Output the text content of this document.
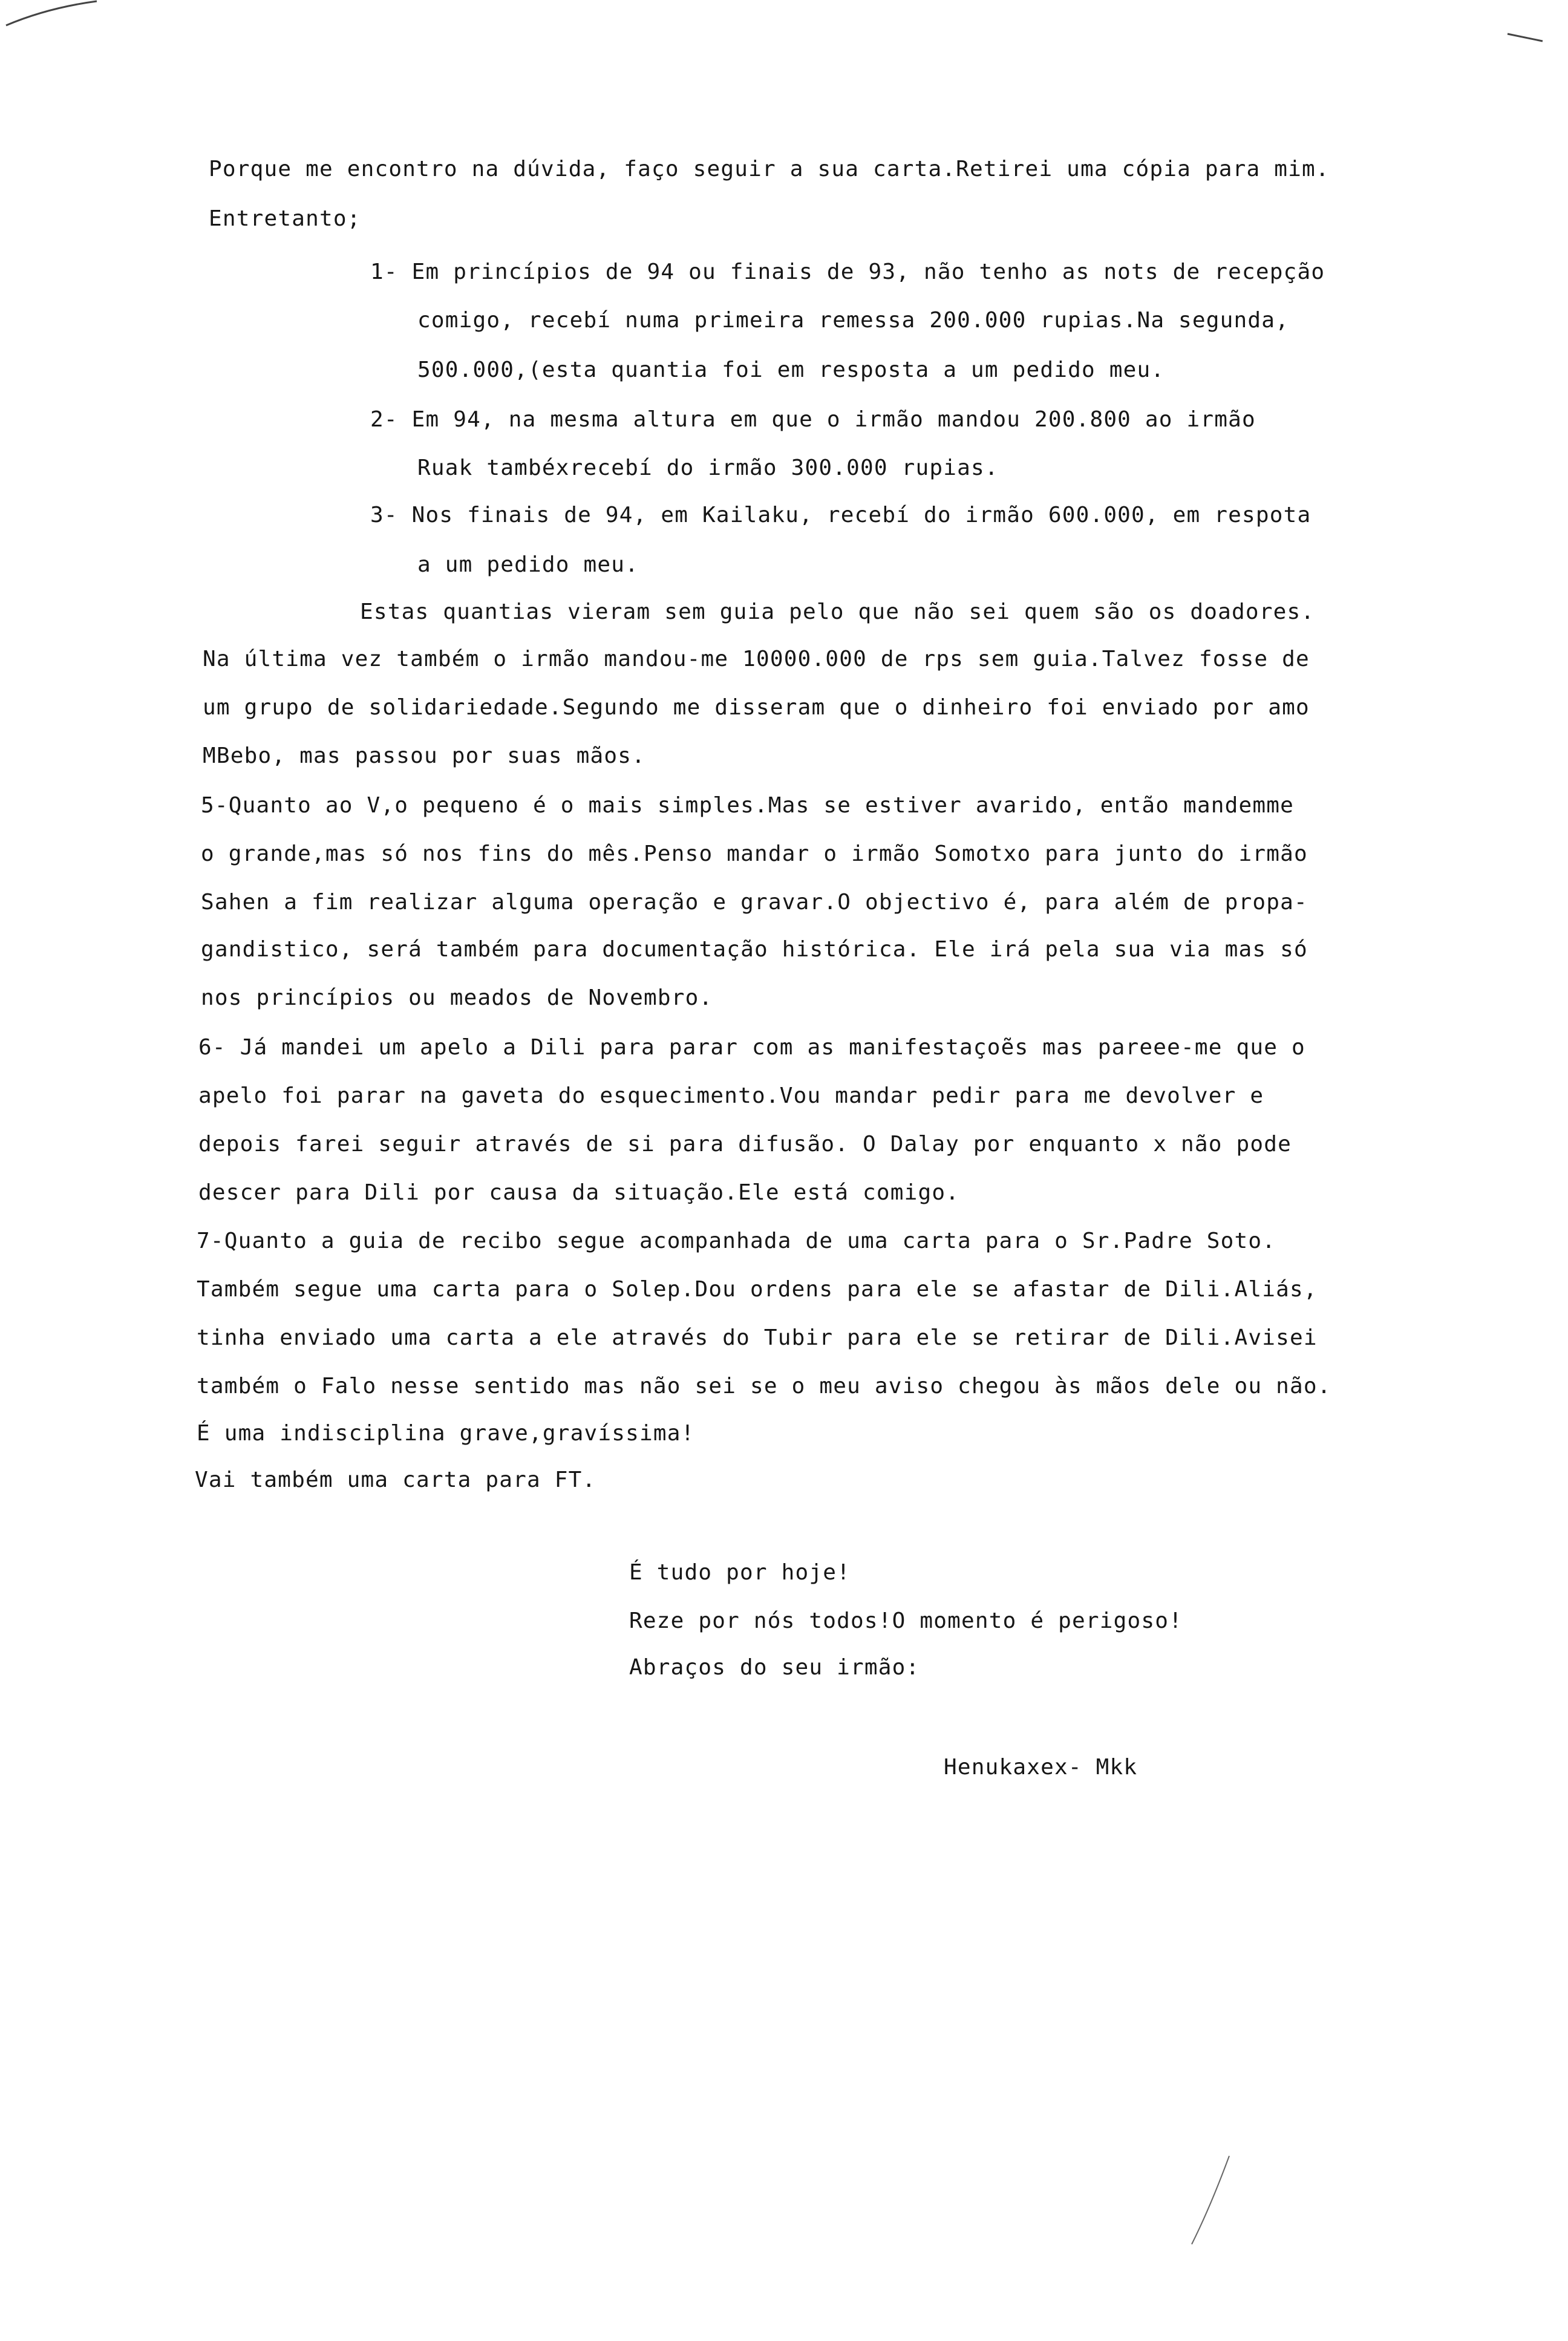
Porque me encontro na dúvida, faço seguir a sua carta.Retirei uma cópia para mim.
Entretanto;
1- Em princípios de 94 ou finais de 93, não tenho as nots de recepção
comigo, recebí numa primeira remessa 200.000 rupias.Na segunda,
500.000,(esta quantia foi em resposta a um pedido meu.
2- Em 94, na mesma altura em que o irmão mandou 200.800 ao irmão
Ruak tambéxrecebí do irmão 300.000 rupias.
3- Nos finais de 94, em Kailaku, recebí do irmão 600.000, em respota
a um pedido meu.
Estas quantias vieram sem guia pelo que não sei quem são os doadores.
Na última vez também o irmão mandou-me 10000.000 de rps sem guia.Talvez fosse de
um grupo de solidariedade.Segundo me disseram que o dinheiro foi enviado por amo
MBebo, mas passou por suas mãos.
5-Quanto ao V,o pequeno é o mais simples.Mas se estiver avarido, então mandemme
o grande,mas só nos fins do mês.Penso mandar o irmão Somotxo para junto do irmão
Sahen a fim realizar alguma operação e gravar.O objectivo é, para além de propa-
gandistico, será também para documentação histórica. Ele irá pela sua via mas só
nos princípios ou meados de Novembro.
6- Já mandei um apelo a Dili para parar com as manifestaçoẽs mas pareee-me que o
apelo foi parar na gaveta do esquecimento.Vou mandar pedir para me devolver e
depois farei seguir através de si para difusão. O Dalay por enquanto x não pode
descer para Dili por causa da situação.Ele está comigo.
7-Quanto a guia de recibo segue acompanhada de uma carta para o Sr.Padre Soto.
Também segue uma carta para o Solep.Dou ordens para ele se afastar de Dili.Aliás,
tinha enviado uma carta a ele através do Tubir para ele se retirar de Dili.Avisei
também o Falo nesse sentido mas não sei se o meu aviso chegou às mãos dele ou não.
É uma indisciplina grave,gravíssima!
Vai também uma carta para FT.
É tudo por hoje!
Reze por nós todos!O momento é perigoso!
Abraços do seu irmão:
Henukaxex- Mkk
